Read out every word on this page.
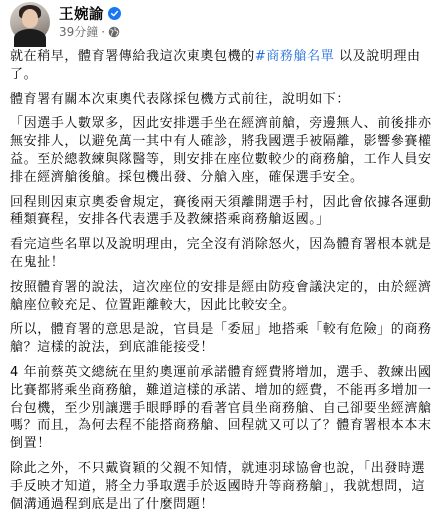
王婉諭
39分鐘 ·

就在稍早，體育署傳給我這次東奧包機的#商務艙名單 以及說明理由了。

體育署有關本次東奧代表隊採包機方式前往，說明如下：

「因選手人數眾多，因此安排選手坐在經濟前艙，旁邊無人、前後排亦無安排人，以避免萬一其中有人確診，將我國選手被隔離，影響參賽權益。至於總教練與隊醫等，則安排在座位數較少的商務艙，工作人員安排在經濟艙後艙。採包機出發、分艙入座，確保選手安全。

回程則因東京奧委會規定，賽後兩天須離開選手村，因此會依據各運動種類賽程，安排各代表選手及教練搭乘商務艙返國。」

看完這些名單以及說明理由，完全沒有消除怒火，因為體育署根本就是在鬼扯！

按照體育署的說法，這次座位的安排是經由防疫會議決定的，由於經濟艙座位較充足、位置距離較大，因此比較安全。

所以，體育署的意思是說，官員是「委屈」地搭乘「較有危險」的商務艙？這樣的說法，到底誰能接受！

4 年前蔡英文總統在里約奧運前承諾體育經費將增加，選手、教練出國比賽都將乘坐商務艙，難道這樣的承諾、增加的經費，不能再多增加一台包機，至少別讓選手眼睜睜的看著官員坐商務艙、自己卻要坐經濟艙嗎？而且，為何去程不能搭商務艙、回程就又可以了？體育署根本本末倒置！

除此之外，不只戴資穎的父親不知情，就連羽球協會也說，「出發時選手反映才知道，將全力爭取選手於返國時升等商務艙」，我就想問，這個溝通過程到底是出了什麼問題！
